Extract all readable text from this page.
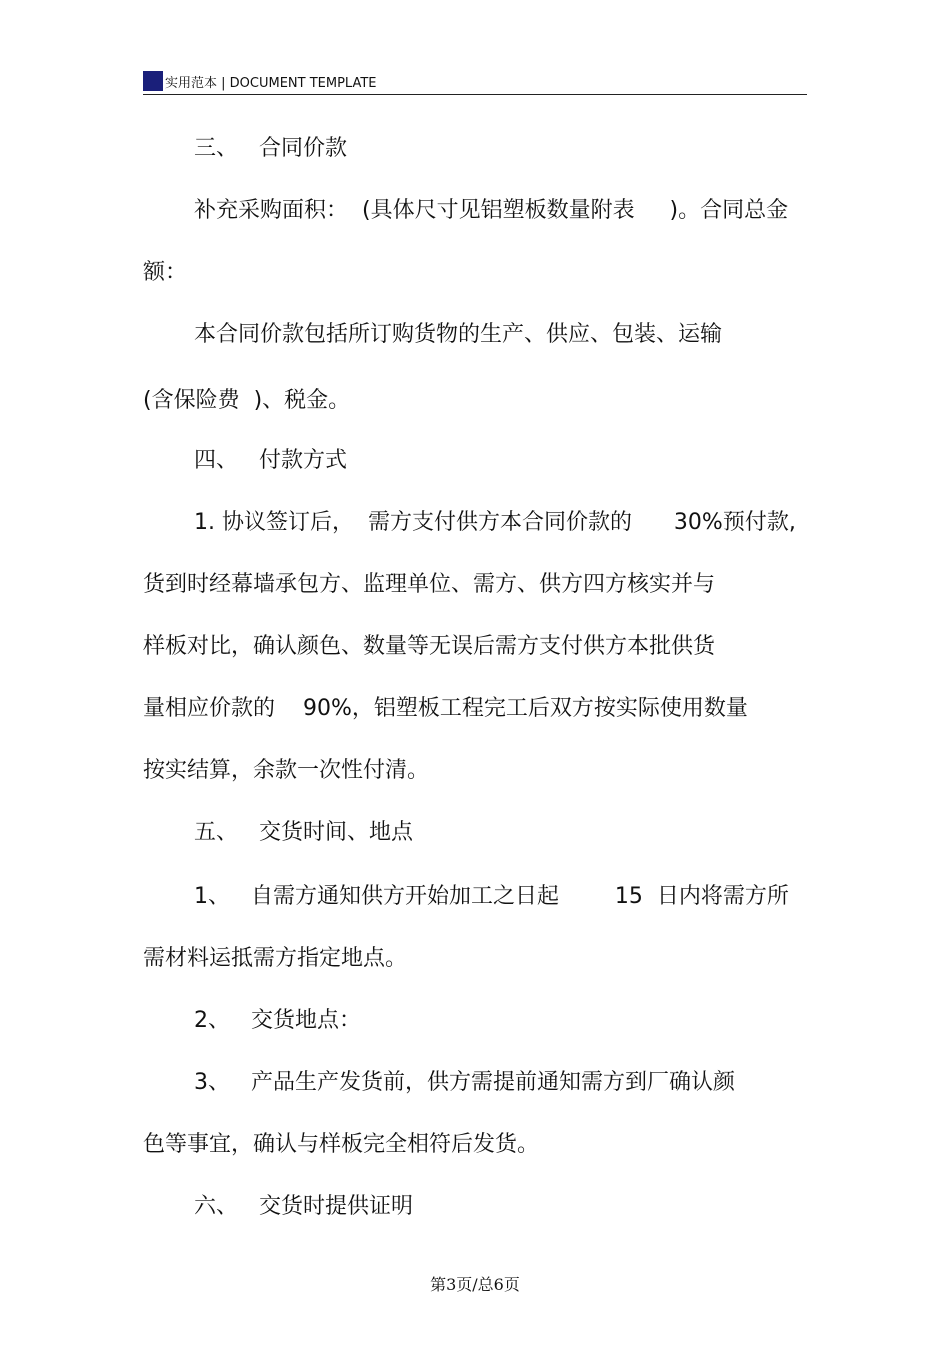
实用范本 | DOCUMENT TEMPLATE
三、   合同价款
补充采购面积：  (具体尺寸见铝塑板数量附表     )。合同总金
额：
本合同价款包括所订购货物的生产、供应、包装、运输
(含保险费  )、税金。
四、   付款方式
1. 协议签订后，  需方支付供方本合同价款的      30%预付款,
货到时经幕墙承包方、监理单位、需方、供方四方核实并与
样板对比，确认颜色、数量等无误后需方支付供方本批供货
量相应价款的    90%，铝塑板工程完工后双方按实际使用数量
按实结算，余款一次性付清。
五、   交货时间、地点
1、   自需方通知供方开始加工之日起        15  日内将需方所
需材料运抵需方指定地点。
2、   交货地点：
3、   产品生产发货前，供方需提前通知需方到厂确认颜
色等事宜，确认与样板完全相符后发货。
六、   交货时提供证明
第3页/总6页
